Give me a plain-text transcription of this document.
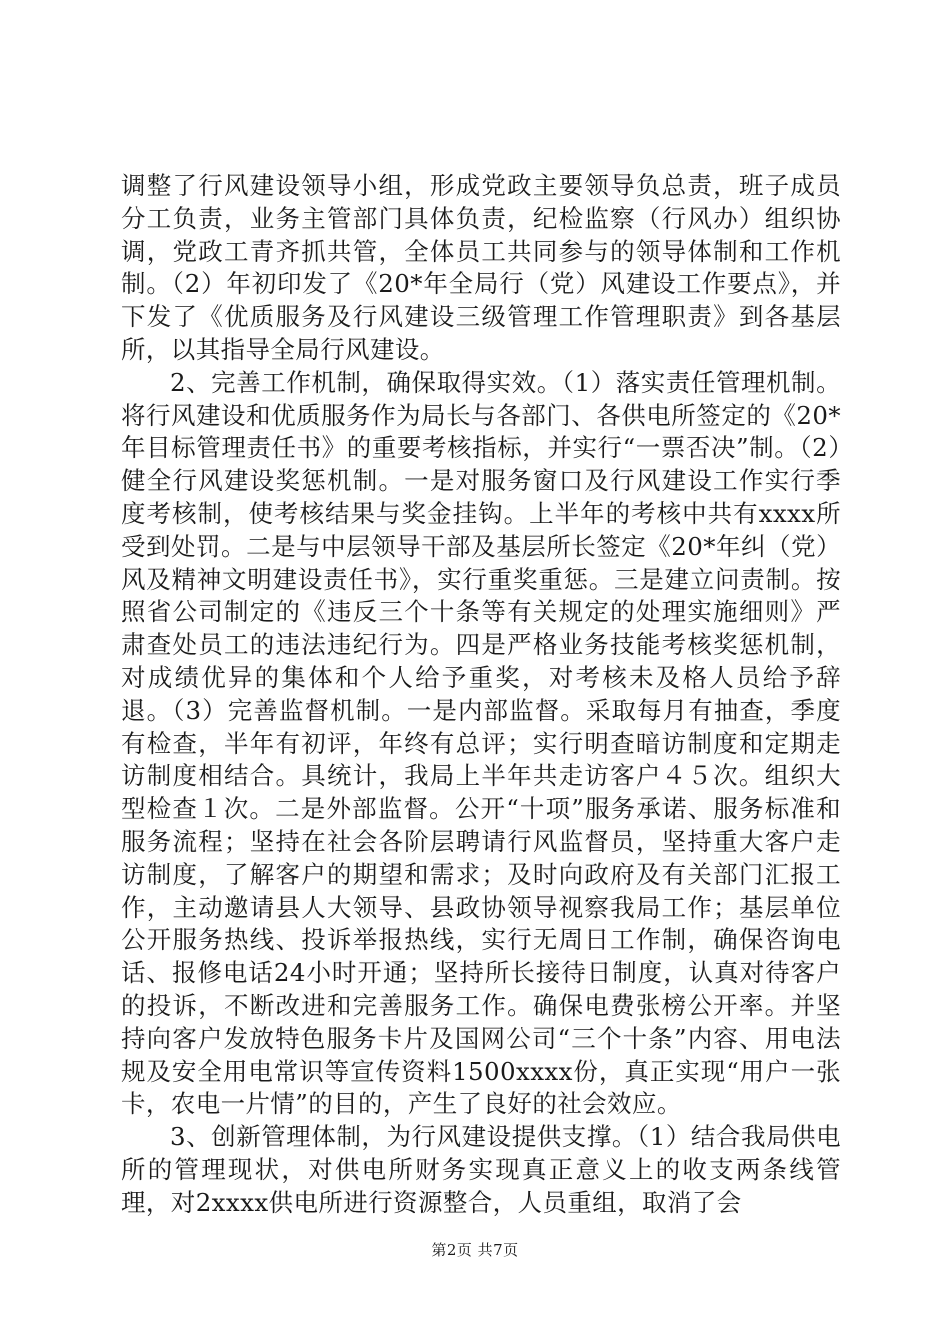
调整了行风建设领导小组，形成党政主要领导负总责，班子成员分工负责，业务主管部门具体负责，纪检监察（行风办）组织协调，党政工青齐抓共管，全体员工共同参与的领导体制和工作机制。（2）年初印发了《20*年全局行（党）风建设工作要点》，并下发了《优质服务及行风建设三级管理工作管理职责》到各基层所，以其指导全局行风建设。

2、完善工作机制，确保取得实效。（1）落实责任管理机制。将行风建设和优质服务作为局长与各部门、各供电所签定的《20*年目标管理责任书》的重要考核指标，并实行“一票否决”制。（2）健全行风建设奖惩机制。一是对服务窗口及行风建设工作实行季度考核制，使考核结果与奖金挂钩。上半年的考核中共有xxxx所受到处罚。二是与中层领导干部及基层所长签定《20*年纠（党）风及精神文明建设责任书》，实行重奖重惩。三是建立问责制。按照省公司制定的《违反三个十条等有关规定的处理实施细则》严肃查处员工的违法违纪行为。四是严格业务技能考核奖惩机制，对成绩优异的集体和个人给予重奖，对考核未及格人员给予辞退。（3）完善监督机制。一是内部监督。采取每月有抽查，季度有检查，半年有初评，年终有总评；实行明查暗访制度和定期走访制度相结合。具统计，我局上半年共走访客户４５次。组织大型检查１次。二是外部监督。公开“十项”服务承诺、服务标准和服务流程；坚持在社会各阶层聘请行风监督员，坚持重大客户走访制度，了解客户的期望和需求；及时向政府及有关部门汇报工作，主动邀请县人大领导、县政协领导视察我局工作；基层单位公开服务热线、投诉举报热线，实行无周日工作制，确保咨询电话、报修电话24小时开通；坚持所长接待日制度，认真对待客户的投诉，不断改进和完善服务工作。确保电费张榜公开率。并坚持向客户发放特色服务卡片及国网公司“三个十条”内容、用电法规及安全用电常识等宣传资料1500xxxx份，真正实现“用户一张卡，农电一片情”的目的，产生了良好的社会效应。

3、创新管理体制，为行风建设提供支撑。（1）结合我局供电所的管理现状，对供电所财务实现真正意义上的收支两条线管理，对2xxxx供电所进行资源整合，人员重组，取消了会

第2页 共7页
